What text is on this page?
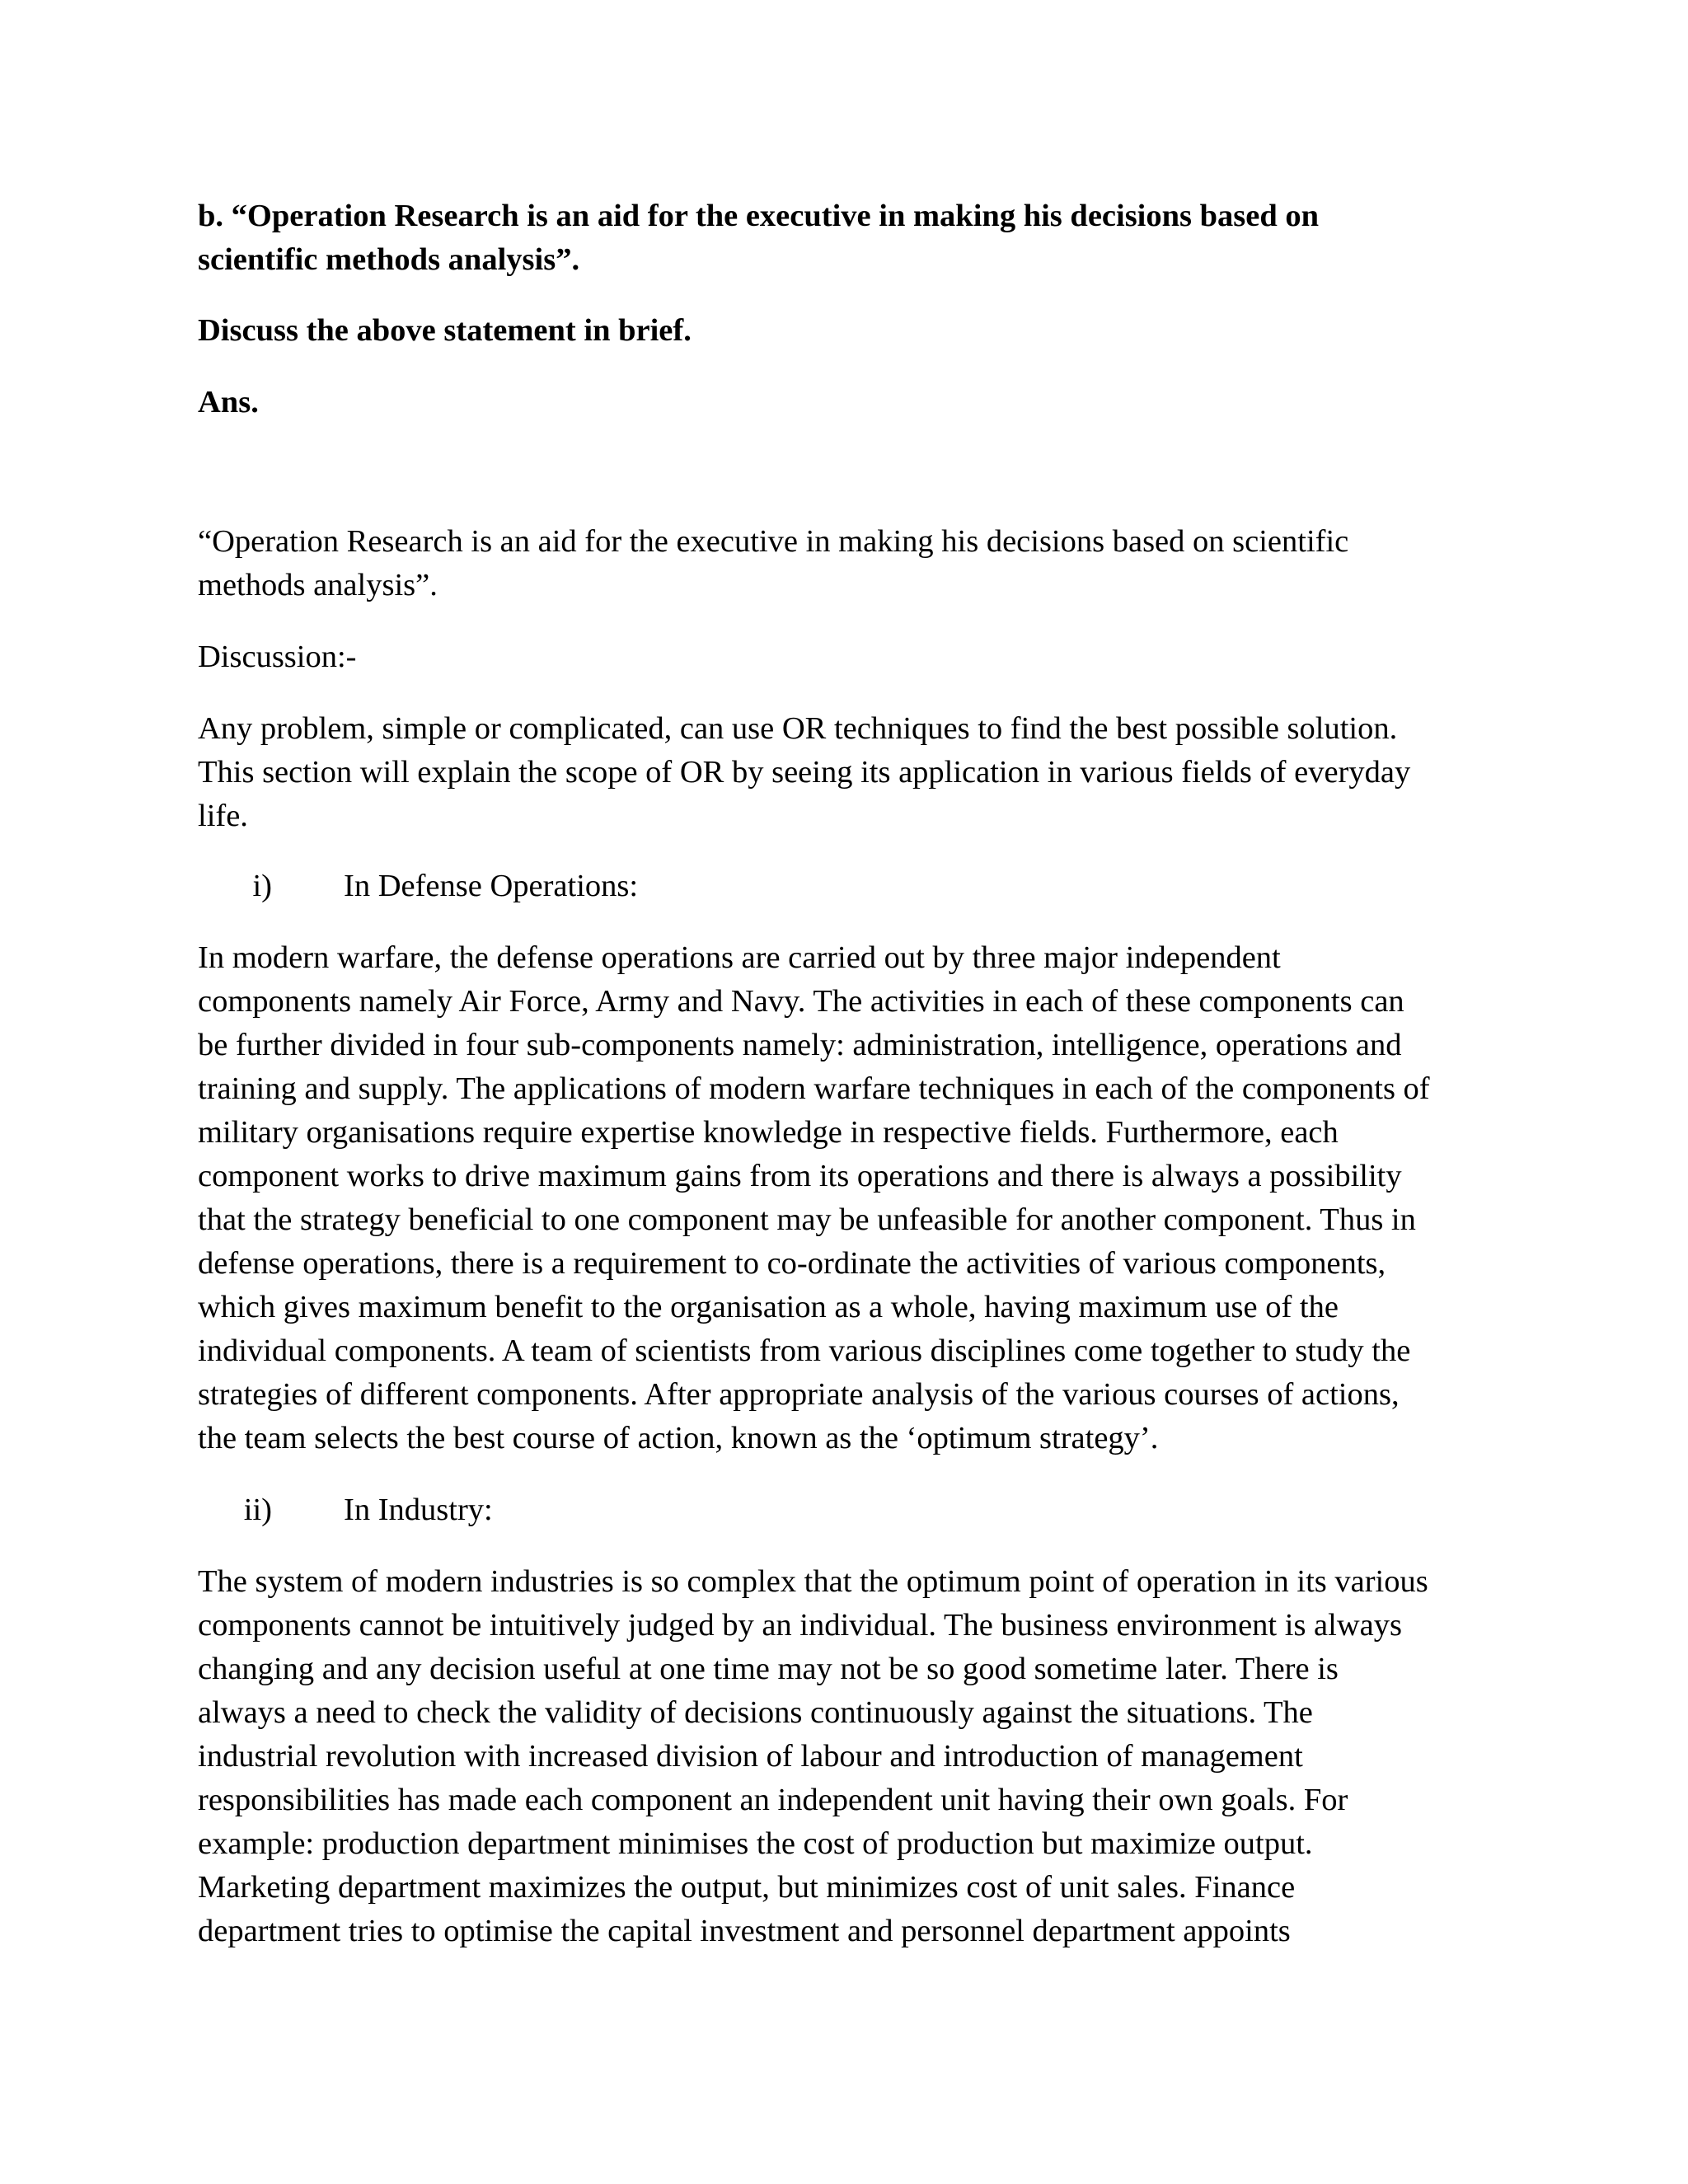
b. “Operation Research is an aid for the executive in making his decisions based on
scientific methods analysis”.
Discuss the above statement in brief.
Ans.
“Operation Research is an aid for the executive in making his decisions based on scientific
methods analysis”.
Discussion:-
Any problem, simple or complicated, can use OR techniques to find the best possible solution.
This section will explain the scope of OR by seeing its application in various fields of everyday
life.
i) In Defense Operations:
In modern warfare, the defense operations are carried out by three major independent
components namely Air Force, Army and Navy. The activities in each of these components can
be further divided in four sub-components namely: administration, intelligence, operations and
training and supply. The applications of modern warfare techniques in each of the components of
military organisations require expertise knowledge in respective fields. Furthermore, each
component works to drive maximum gains from its operations and there is always a possibility
that the strategy beneficial to one component may be unfeasible for another component. Thus in
defense operations, there is a requirement to co-ordinate the activities of various components,
which gives maximum benefit to the organisation as a whole, having maximum use of the
individual components. A team of scientists from various disciplines come together to study the
strategies of different components. After appropriate analysis of the various courses of actions,
the team selects the best course of action, known as the ‘optimum strategy’.
ii) In Industry:
The system of modern industries is so complex that the optimum point of operation in its various
components cannot be intuitively judged by an individual. The business environment is always
changing and any decision useful at one time may not be so good sometime later. There is
always a need to check the validity of decisions continuously against the situations. The
industrial revolution with increased division of labour and introduction of management
responsibilities has made each component an independent unit having their own goals. For
example: production department minimises the cost of production but maximize output.
Marketing department maximizes the output, but minimizes cost of unit sales. Finance
department tries to optimise the capital investment and personnel department appoints
